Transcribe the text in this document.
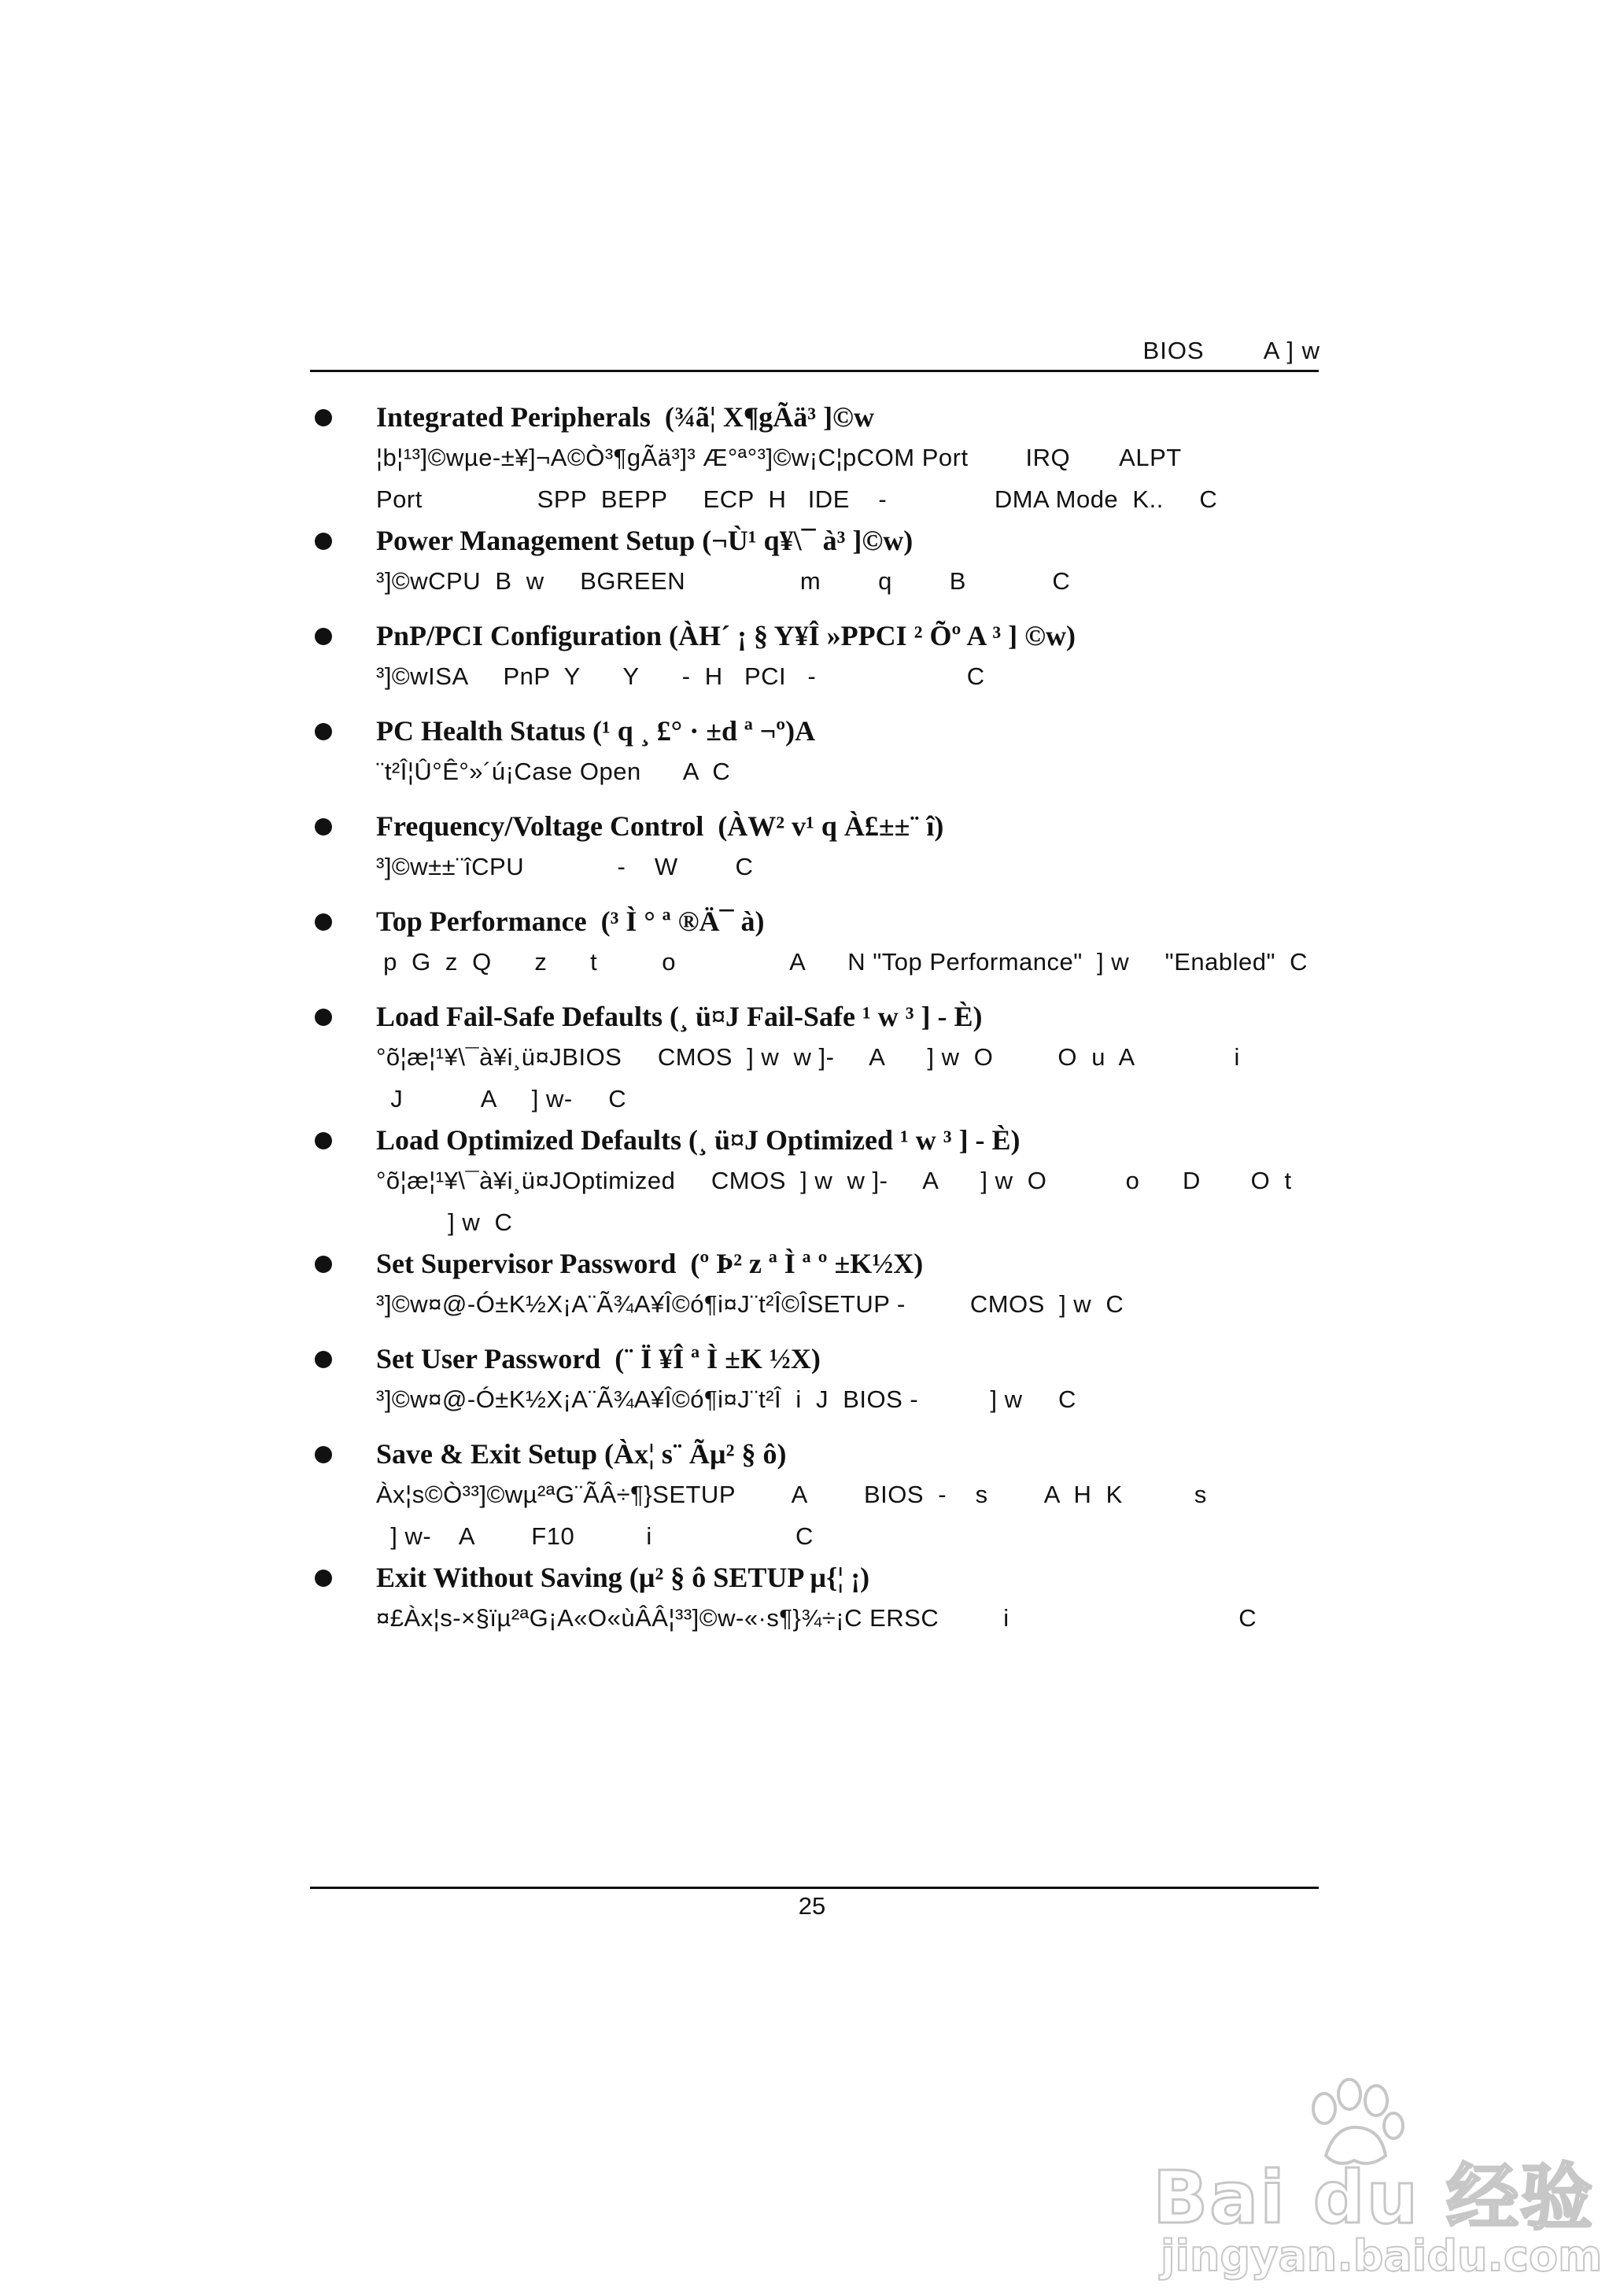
BIOS        A ] w
Integrated Peripherals  (¾ã¦ X¶gÃä³ ]©w
¦b¦¹³]©wµe-±¥]¬A©Ò³¶gÃä³]³ Æ°ª°³]©w¡C¦pCOM Port        IRQ       ALPT
Port                SPP  BEPP     ECP  H   IDE    -               DMA Mode  K..     C
Power Management Setup (¬Ù¹ q¥\¯ à³ ]©w)
³]©wCPU  B  w     BGREEN                m        q        B            C
PnP/PCI Configuration (ÀH´ ¡ § Y¥Î »PPCI ² Õº A ³ ] ©w)
³]©wISA     PnP  Y      Y      -  H   PCI   -                     C
PC Health Status (¹ q ¸ £° · ±d ª ¬º)A
¨t²Î¦Û°Ê°»´ú¡Case Open      A  C
Frequency/Voltage Control  (ÀW² v¹ q À£±±¨ î)
³]©w±±¨îCPU             -    W        C
Top Performance  (³ Ì ° ª ®Ä¯ à)
p  G  z  Q      z      t         o                A      N "Top Performance"  ] w     "Enabled"  C
Load Fail-Safe Defaults (¸ ü¤J Fail-Safe ¹ w ³ ] - È)
°õ¦æ¦¹¥\¯à¥i¸ü¤JBIOS     CMOS  ] w  w ]-     A      ] w  O         O  u  A              i
J           A     ] w-     C
Load Optimized Defaults (¸ ü¤J Optimized ¹ w ³ ] - È)
°õ¦æ¦¹¥\¯à¥i¸ü¤JOptimized     CMOS  ] w  w ]-     A      ] w  O           o      D       O  t
] w  C
Set Supervisor Password  (º Þ² z ª Ì ª º ±K½X)
³]©w¤@-Ó±K½X¡A¨Ã¾A¥Î©ó¶i¤J¨t²Î©ÎSETUP -         CMOS  ] w  C
Set User Password  (¨ Ï ¥Î ª Ì ±K ½X)
³]©w¤@-Ó±K½X¡A¨Ã¾A¥Î©ó¶i¤J¨t²Î  i  J  BIOS -          ] w     C
Save & Exit Setup (Àx¦ s¨ Ãµ² § ô)
Àx¦s©Ò³³]©wµ²ªG¨ÃÂ÷¶}SETUP        A        BIOS  -    s        A  H  K          s
] w-    A        F10          i                    C
Exit Without Saving (µ² § ô SETUP µ{¦ ¡)
¤£Àx¦s-×§ïµ²ªG¡A«O«ùÂÂ¦³³]©w-«·s¶}¾÷¡C ERSC         i                                C
25
Bai du 经验
jingyan.baidu.com
